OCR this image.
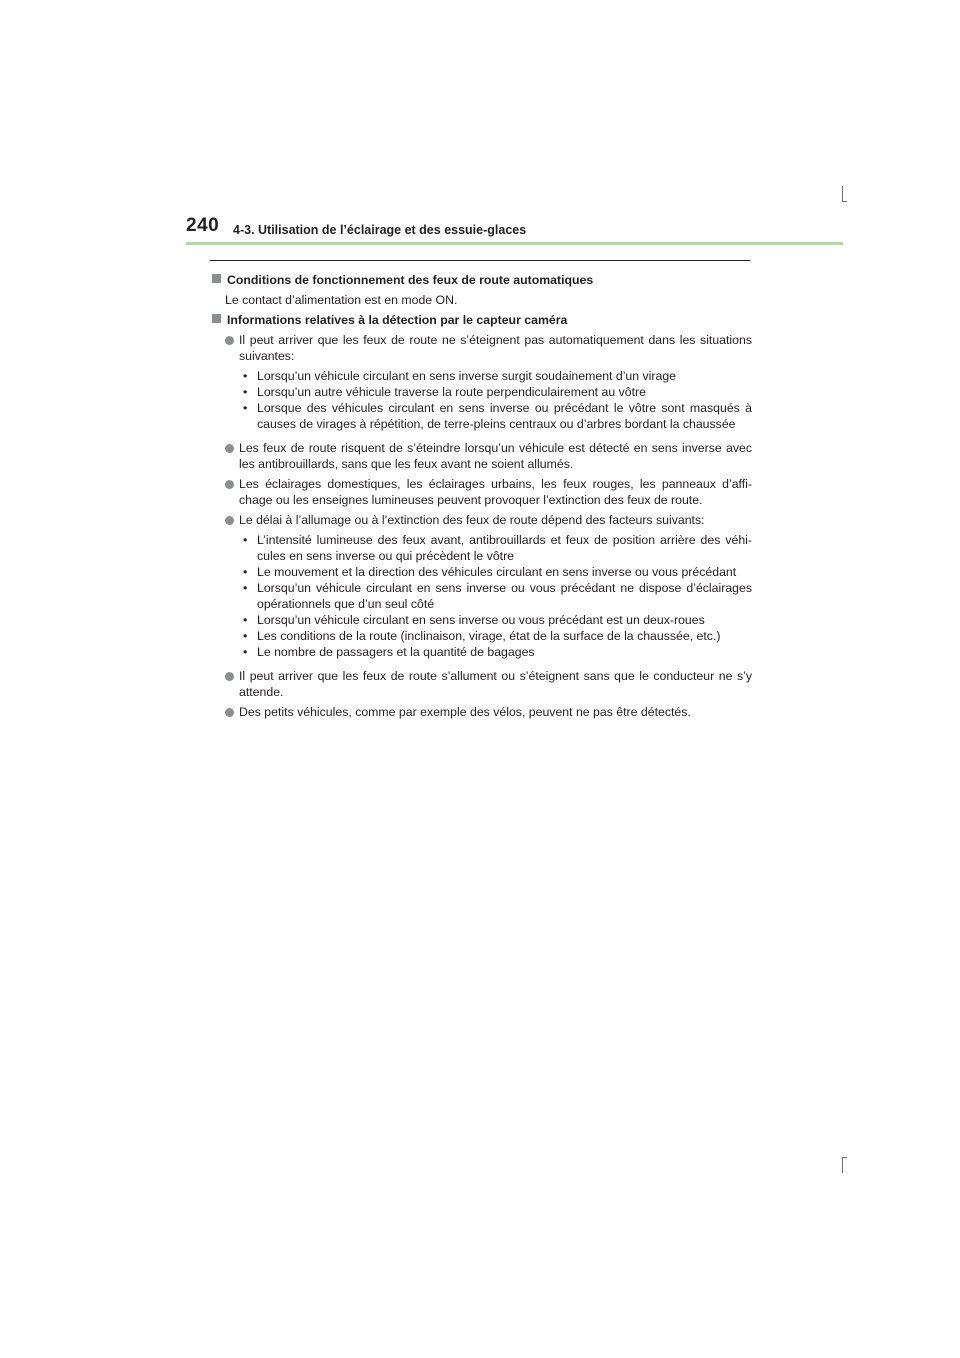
240 4-3. Utilisation de l’éclairage et des essuie-glaces
Conditions de fonctionnement des feux de route automatiques
Le contact d’alimentation est en mode ON.
Informations relatives à la détection par le capteur caméra
Il peut arriver que les feux de route ne s’éteignent pas automatiquement dans les situations suivantes:
• Lorsqu’un véhicule circulant en sens inverse surgit soudainement d’un virage
• Lorsqu’un autre véhicule traverse la route perpendiculairement au vôtre
• Lorsque des véhicules circulant en sens inverse ou précédant le vôtre sont masqués à causes de virages à répétition, de terre-pleins centraux ou d’arbres bordant la chaussée
Les feux de route risquent de s’éteindre lorsqu’un véhicule est détecté en sens inverse avec les antibrouillards, sans que les feux avant ne soient allumés.
Les éclairages domestiques, les éclairages urbains, les feux rouges, les panneaux d’affi-chage ou les enseignes lumineuses peuvent provoquer l’extinction des feux de route.
Le délai à l’allumage ou à l’extinction des feux de route dépend des facteurs suivants:
• L’intensité lumineuse des feux avant, antibrouillards et feux de position arrière des véhi-cules en sens inverse ou qui précèdent le vôtre
• Le mouvement et la direction des véhicules circulant en sens inverse ou vous précédant
• Lorsqu’un véhicule circulant en sens inverse ou vous précédant ne dispose d’éclairages opérationnels que d’un seul côté
• Lorsqu’un véhicule circulant en sens inverse ou vous précédant est un deux-roues
• Les conditions de la route (inclinaison, virage, état de la surface de la chaussée, etc.)
• Le nombre de passagers et la quantité de bagages
Il peut arriver que les feux de route s’allument ou s’éteignent sans que le conducteur ne s’y attende.
Des petits véhicules, comme par exemple des vélos, peuvent ne pas être détectés.
